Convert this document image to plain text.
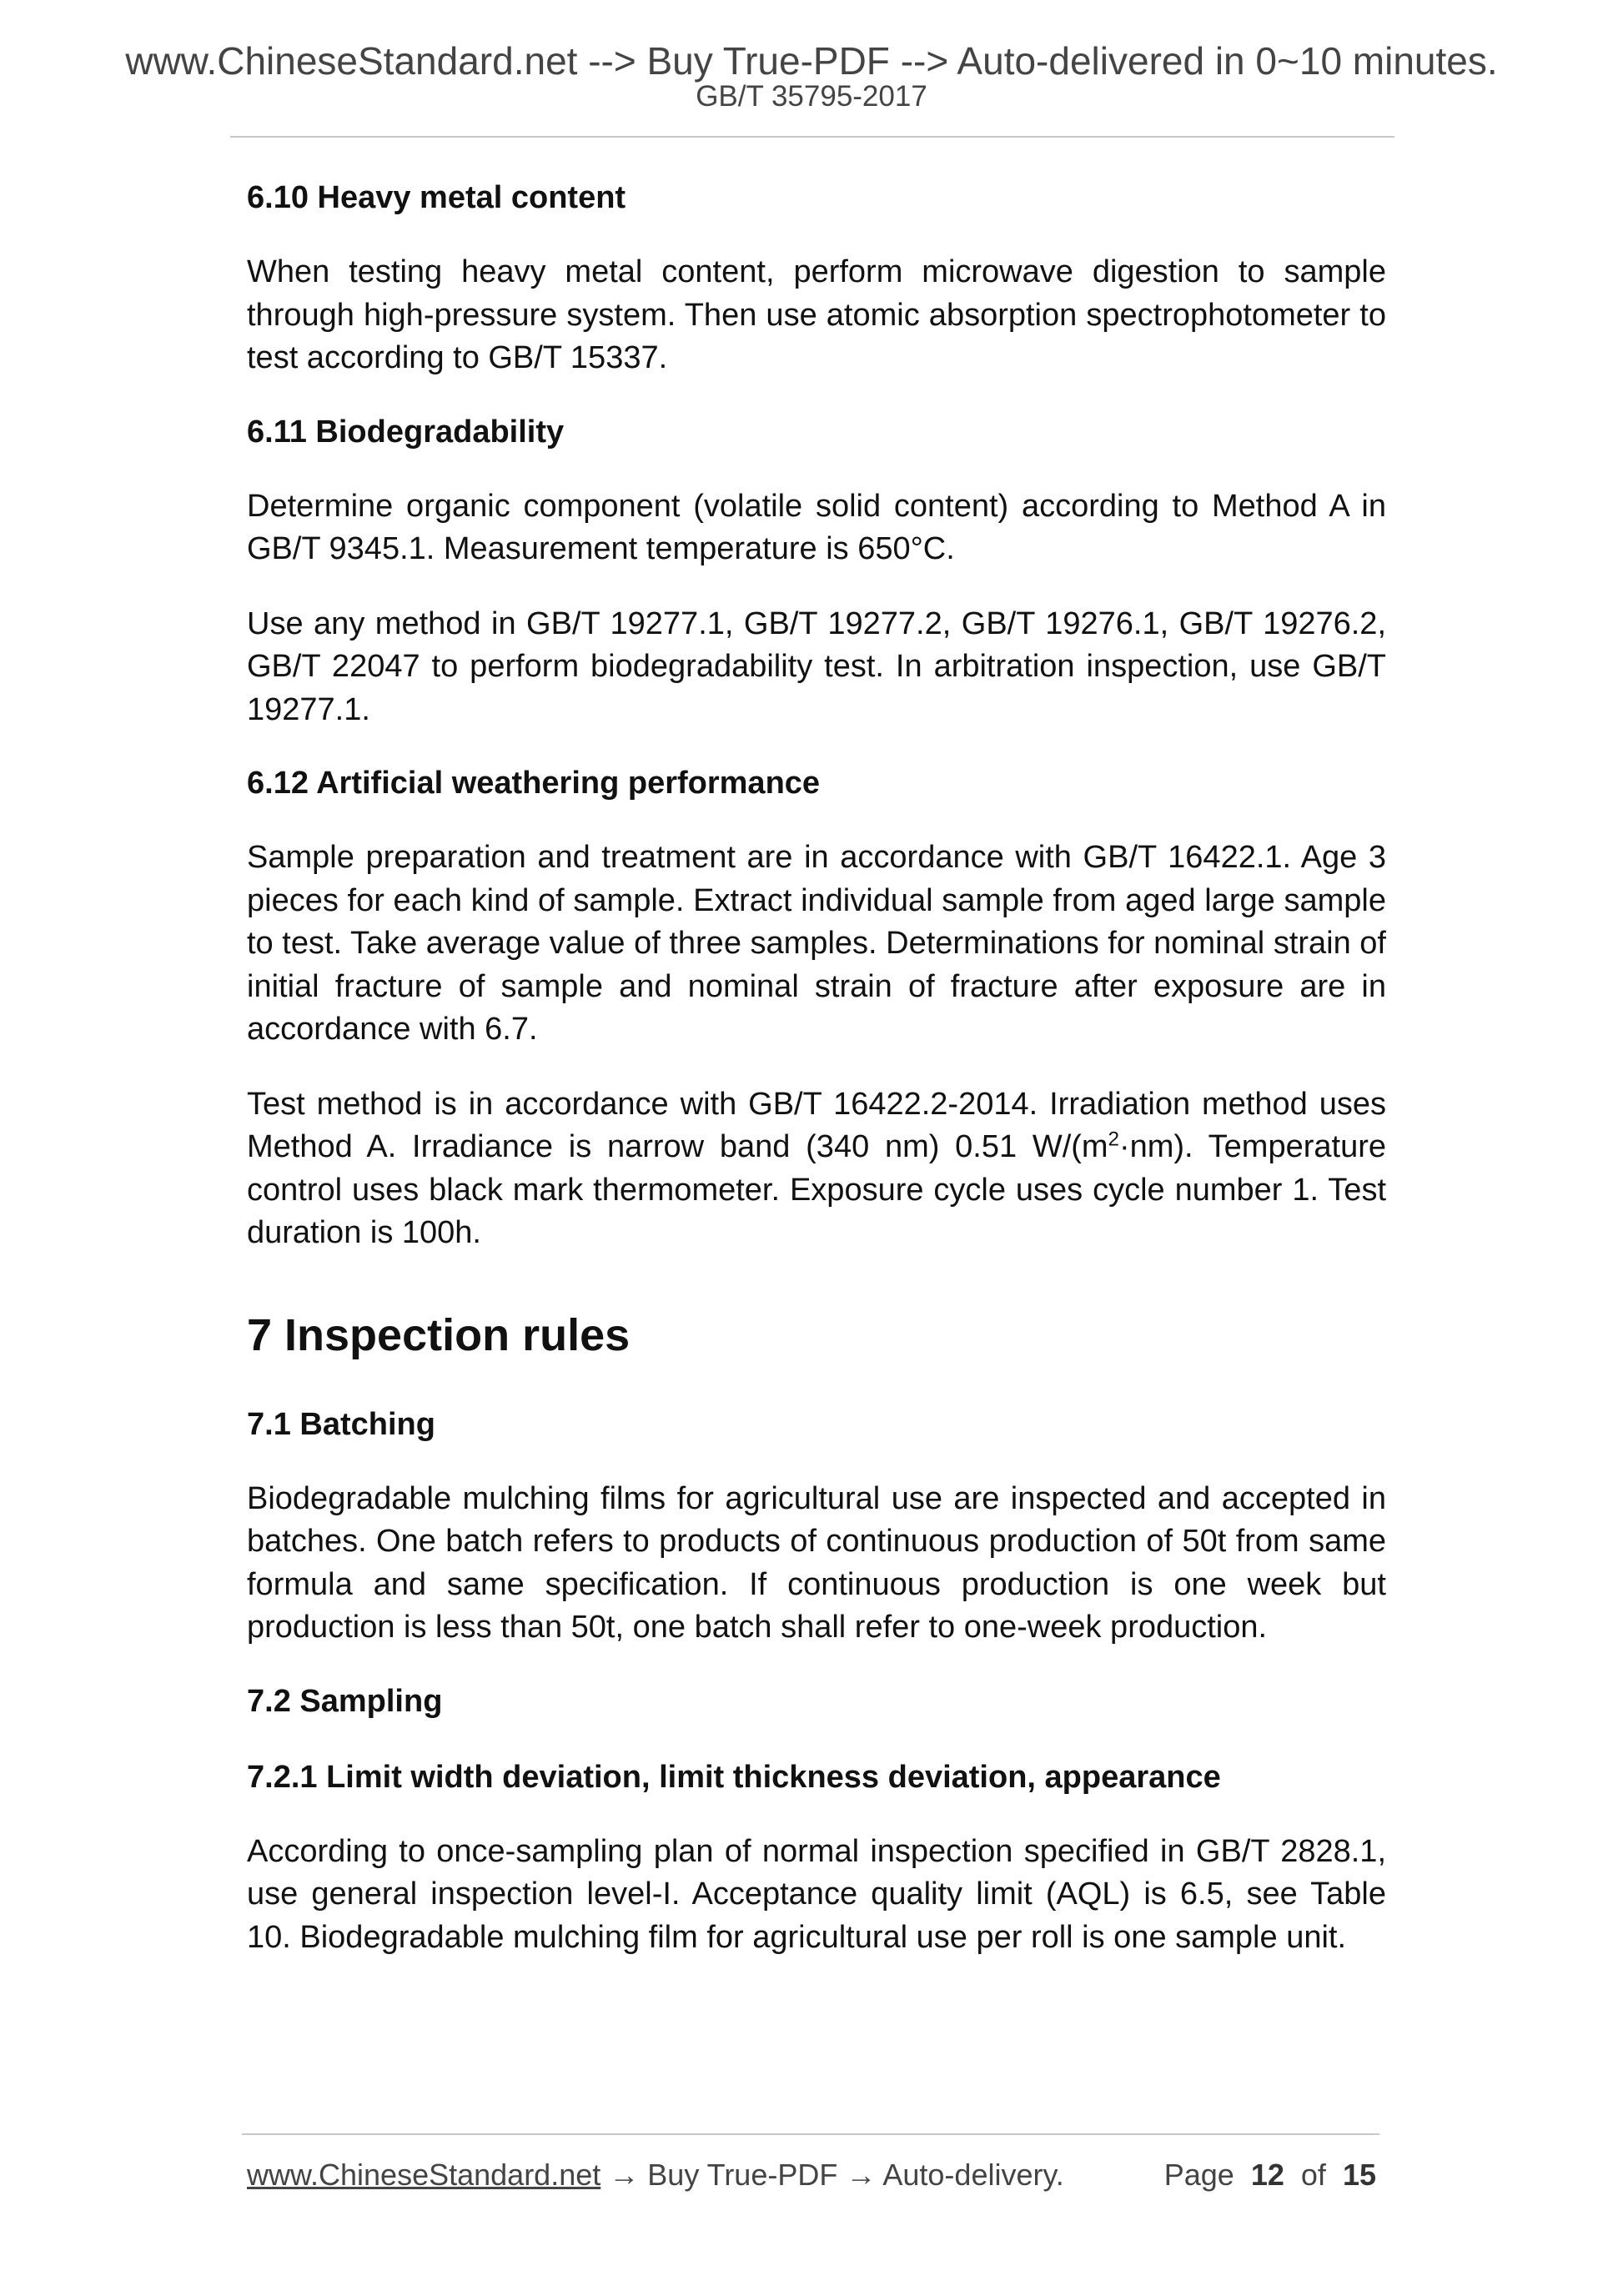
www.ChineseStandard.net --> Buy True-PDF --> Auto-delivered in 0~10 minutes.
GB/T 35795-2017
6.10 Heavy metal content

When testing heavy metal content, perform microwave digestion to sample through high-pressure system. Then use atomic absorption spectrophotometer to test according to GB/T 15337.

6.11 Biodegradability

Determine organic component (volatile solid content) according to Method A in GB/T 9345.1. Measurement temperature is 650°C.

Use any method in GB/T 19277.1, GB/T 19277.2, GB/T 19276.1, GB/T 19276.2, GB/T 22047 to perform biodegradability test. In arbitration inspection, use GB/T 19277.1.

6.12 Artificial weathering performance

Sample preparation and treatment are in accordance with GB/T 16422.1. Age 3 pieces for each kind of sample. Extract individual sample from aged large sample to test. Take average value of three samples. Determinations for nominal strain of initial fracture of sample and nominal strain of fracture after exposure are in accordance with 6.7.

Test method is in accordance with GB/T 16422.2-2014. Irradiation method uses Method A. Irradiance is narrow band (340 nm) 0.51 $W/(m^2\cdot nm)$. Temperature control uses black mark thermometer. Exposure cycle uses cycle number 1. Test duration is 100h.

7 Inspection rules
7.1 Batching

Biodegradable mulching films for agricultural use are inspected and accepted in batches. One batch refers to products of continuous production of 50t from same formula and same specification. If continuous production is one week but production is less than 50t, one batch shall refer to one-week production.

7.2 Sampling
7.2.1 Limit width deviation, limit thickness deviation, appearance

According to once-sampling plan of normal inspection specified in GB/T 2828.1, use general inspection level-I. Acceptance quality limit (AQL) is 6.5, see Table 10. Biodegradable mulching film for agricultural use per roll is one sample unit.

www.ChineseStandard.net → Buy True-PDF → Auto-delivery.	Page 12 of 15
